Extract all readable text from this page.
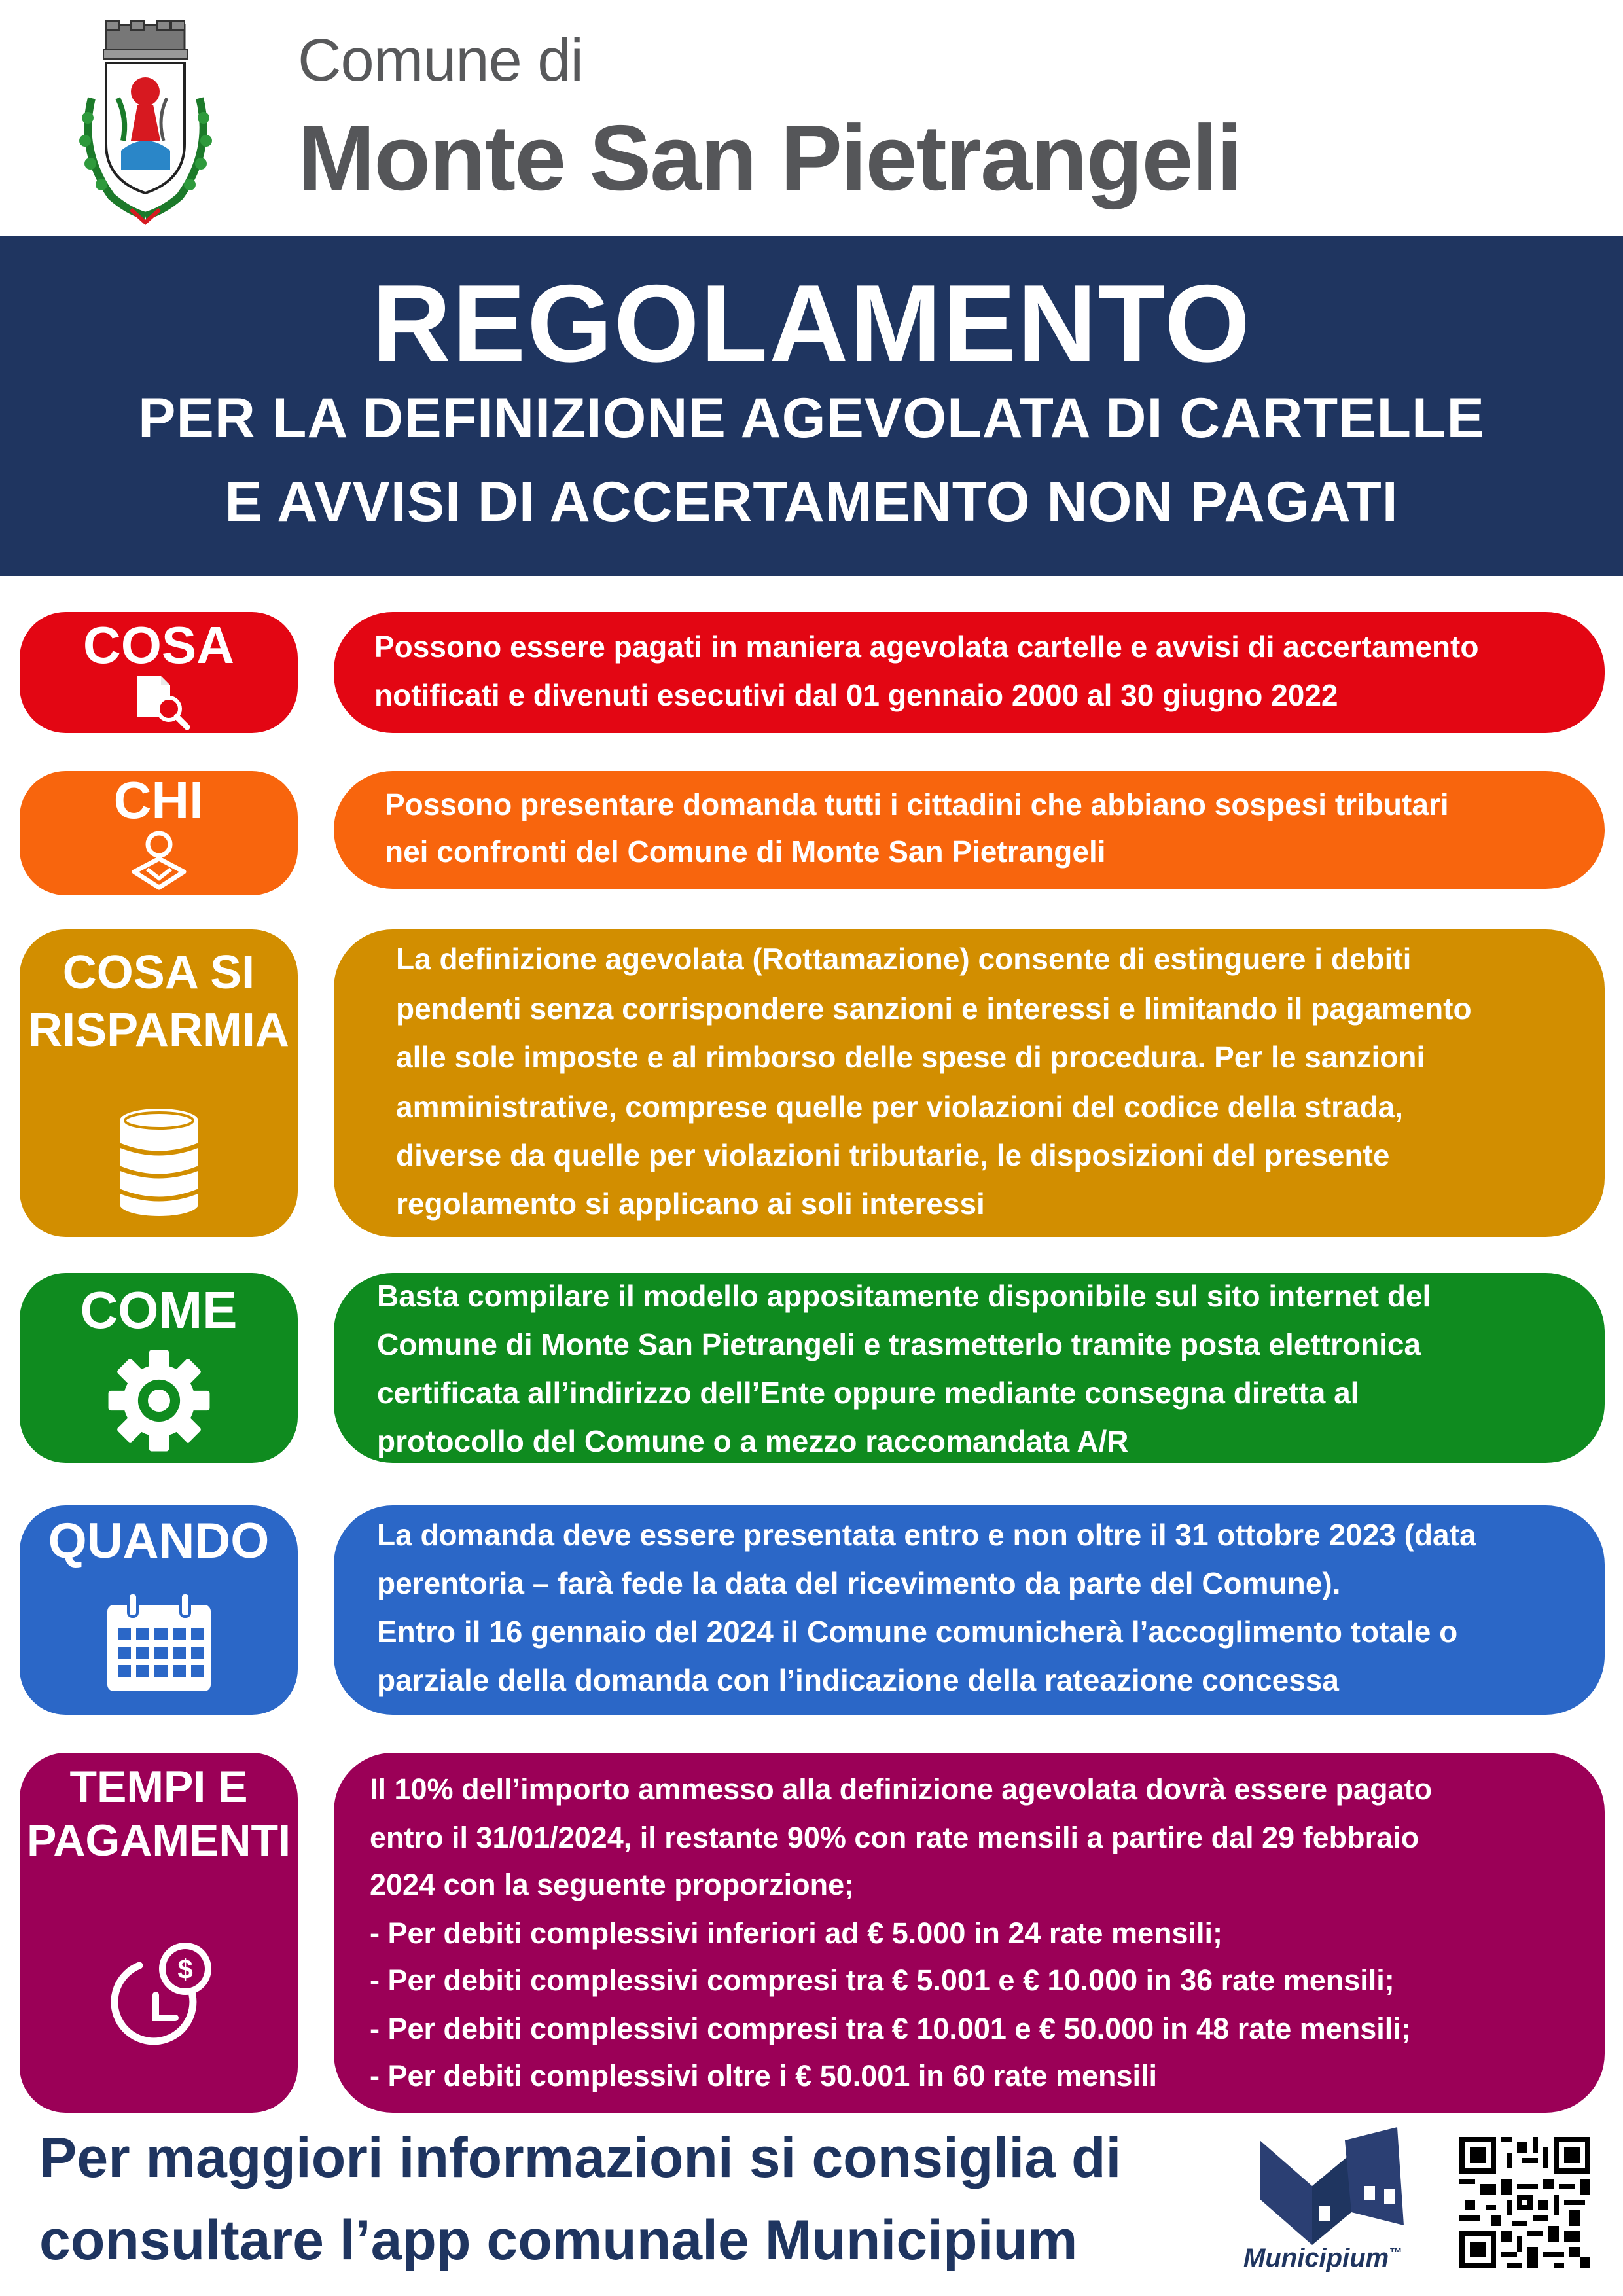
Comune di
Monte San Pietrangeli
REGOLAMENTO
PER LA DEFINIZIONE AGEVOLATA DI CARTELLE
E AVVISI DI ACCERTAMENTO NON PAGATI
COSA	Possono essere pagati in maniera agevolata cartelle e avvisi di accertamento

notificati e divenuti esecutivi dal 01 gennaio 2000 al 30 giugno 2022

CHI	Possono presentare domanda tutti i cittadini che abbiano sospesi tributari

nei confronti del Comune di Monte San Pietrangeli

COSA SI
RISPARMIA

La definizione agevolata (Rottamazione) consente di estinguere i debiti

pendenti senza corrispondere sanzioni e interessi e limitando il pagamento

alle sole imposte e al rimborso delle spese di procedura. Per le sanzioni

amministrative, comprese quelle per violazioni del codice della strada,

diverse da quelle per violazioni tributarie, le disposizioni del presente

regolamento si applicano ai soli interessi

COME	Basta compilare il modello appositamente disponibile sul sito internet del

Comune di Monte San Pietrangeli e trasmetterlo tramite posta elettronica

certificata all’indirizzo dell’Ente oppure mediante consegna diretta al

protocollo del Comune o a mezzo raccomandata A/R

QUANDO	La domanda deve essere presentata entro e non oltre il 31 ottobre 2023 (data

perentoria – farà fede la data del ricevimento da parte del Comune).

Entro il 16 gennaio del 2024 il Comune comunicherà l’accoglimento totale o

parziale della domanda con l’indicazione della rateazione concessa

TEMPI E
PAGAMENTI
$

Il 10% dell’importo ammesso alla definizione agevolata dovrà essere pagato

entro il 31/01/2024, il restante 90% con rate mensili a partire dal 29 febbraio

2024 con la seguente proporzione;

- Per debiti complessivi inferiori ad € 5.000 in 24 rate mensili;

- Per debiti complessivi compresi tra € 5.001 e € 10.000 in 36 rate mensili;

- Per debiti complessivi compresi tra € 10.001 e € 50.000 in 48 rate mensili;

- Per debiti complessivi oltre i € 50.001 in 60 rate mensili

Per maggiori informazioni si consiglia di
consultare l’app comunale Municipium	Municipium™
